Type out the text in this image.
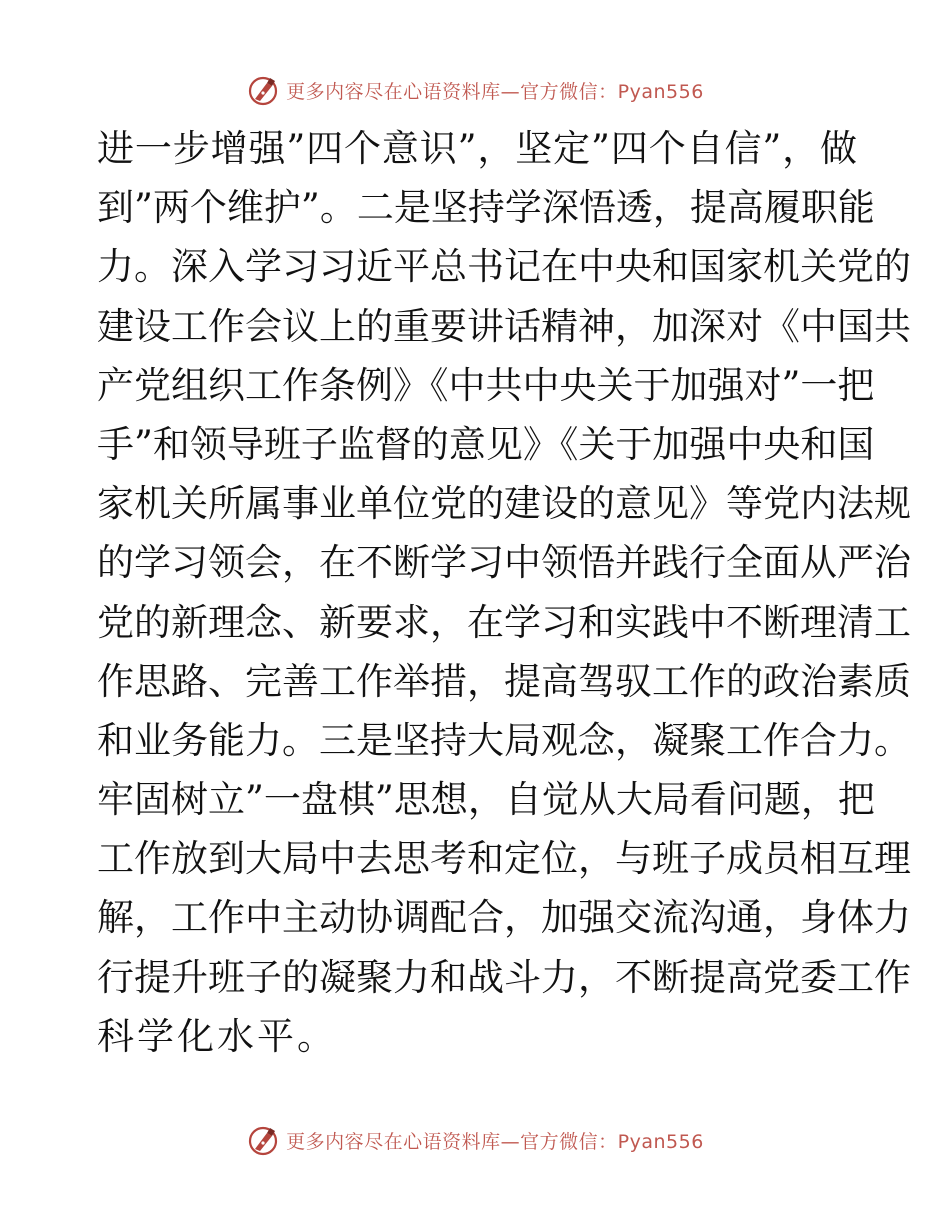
更多内容尽在心语资料库—官方微信：Pyan556
进一步增强”四个意识”，坚定”四个自信”，做
到”两个维护”。二是坚持学深悟透，提高履职能
力。深入学习习近平总书记在中央和国家机关党的
建设工作会议上的重要讲话精神，加深对《中国共
产党组织工作条例》《中共中央关于加强对”一把
手”和领导班子监督的意见》《关于加强中央和国
家机关所属事业单位党的建设的意见》等党内法规
的学习领会，在不断学习中领悟并践行全面从严治
党的新理念、新要求，在学习和实践中不断理清工
作思路、完善工作举措，提高驾驭工作的政治素质
和业务能力。三是坚持大局观念，凝聚工作合力。
牢固树立”一盘棋”思想，自觉从大局看问题，把
工作放到大局中去思考和定位，与班子成员相互理
解，工作中主动协调配合，加强交流沟通，身体力
行提升班子的凝聚力和战斗力，不断提高党委工作
科学化水平。
更多内容尽在心语资料库—官方微信：Pyan556
